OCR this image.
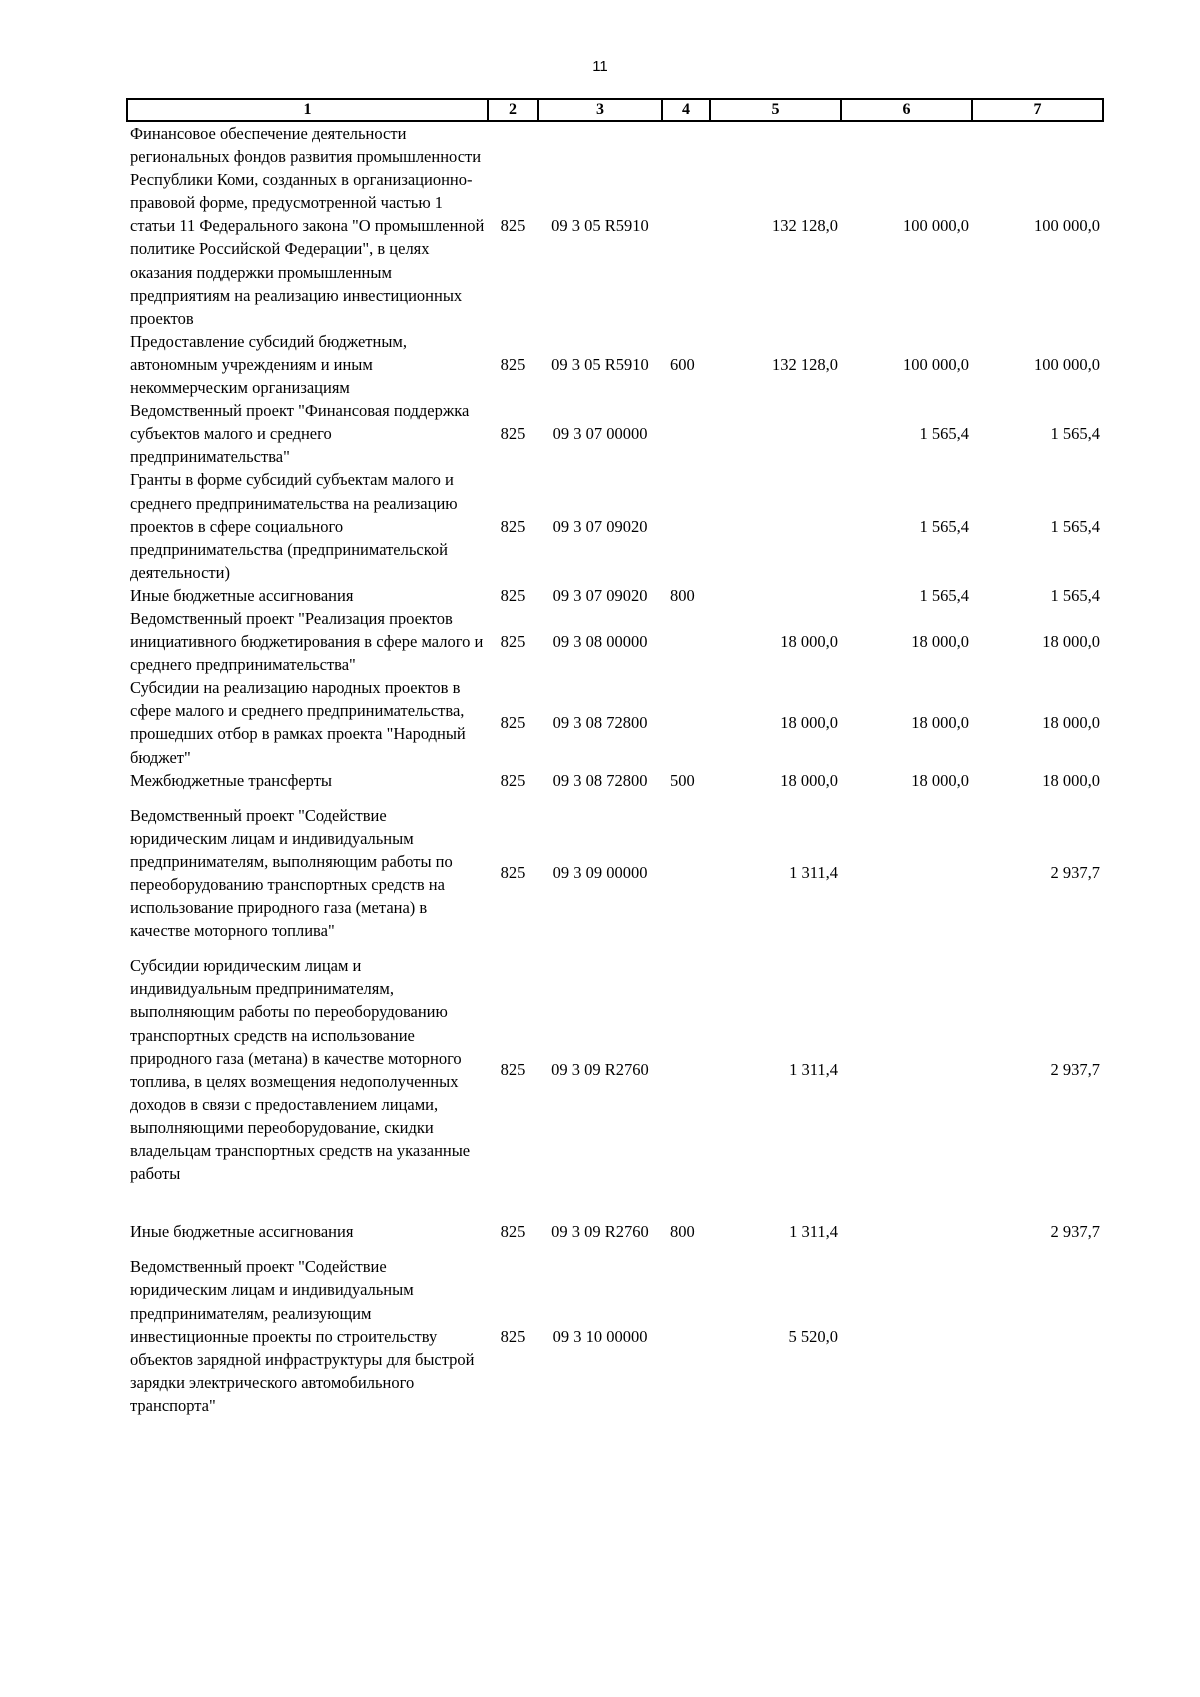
11
1	2	3	4	5	6	7
Финансовое обеспечение деятельности региональных фондов развития промышленности Республики Коми, созданных в организационно-правовой форме, предусмотренной частью 1 статьи 11 Федерального закона "О промышленной политике Российской Федерации", в целях оказания поддержки промышленным предприятиям на реализацию инвестиционных проектов	825	09 3 05 R5910		132 128,0	100 000,0	100 000,0
Предоставление субсидий бюджетным, автономным учреждениям и иным некоммерческим организациям	825	09 3 05 R5910	600	132 128,0	100 000,0	100 000,0
Ведомственный проект "Финансовая поддержка субъектов малого и среднего предпринимательства"	825	09 3 07 00000			1 565,4	1 565,4
Гранты в форме субсидий субъектам малого и среднего предпринимательства на реализацию проектов в сфере социального предпринимательства (предпринимательской деятельности)	825	09 3 07 09020			1 565,4	1 565,4
Иные бюджетные ассигнования	825	09 3 07 09020	800		1 565,4	1 565,4
Ведомственный проект "Реализация проектов инициативного бюджетирования в сфере малого и среднего предпринимательства"	825	09 3 08 00000		18 000,0	18 000,0	18 000,0
Субсидии на реализацию народных проектов в сфере малого и среднего предпринимательства, прошедших отбор в рамках проекта "Народный бюджет"	825	09 3 08 72800		18 000,0	18 000,0	18 000,0
Межбюджетные трансферты	825	09 3 08 72800	500	18 000,0	18 000,0	18 000,0
Ведомственный проект "Содействие юридическим лицам и индивидуальным предпринимателям, выполняющим работы по переоборудованию транспортных средств на использование природного газа (метана) в качестве моторного топлива"	825	09 3 09 00000		1 311,4		2 937,7
Субсидии юридическим лицам и индивидуальным предпринимателям, выполняющим работы по переоборудованию транспортных средств на использование природного газа (метана) в качестве моторного топлива, в целях возмещения недополученных доходов в связи с предоставлением лицами, выполняющими переоборудование, скидки владельцам транспортных средств на указанные работы	825	09 3 09 R2760		1 311,4		2 937,7
Иные бюджетные ассигнования	825	09 3 09 R2760	800	1 311,4		2 937,7
Ведомственный проект "Содействие юридическим лицам и индивидуальным предпринимателям, реализующим инвестиционные проекты по строительству объектов зарядной инфраструктуры для быстрой зарядки электрического автомобильного транспорта"	825	09 3 10 00000		5 520,0		
